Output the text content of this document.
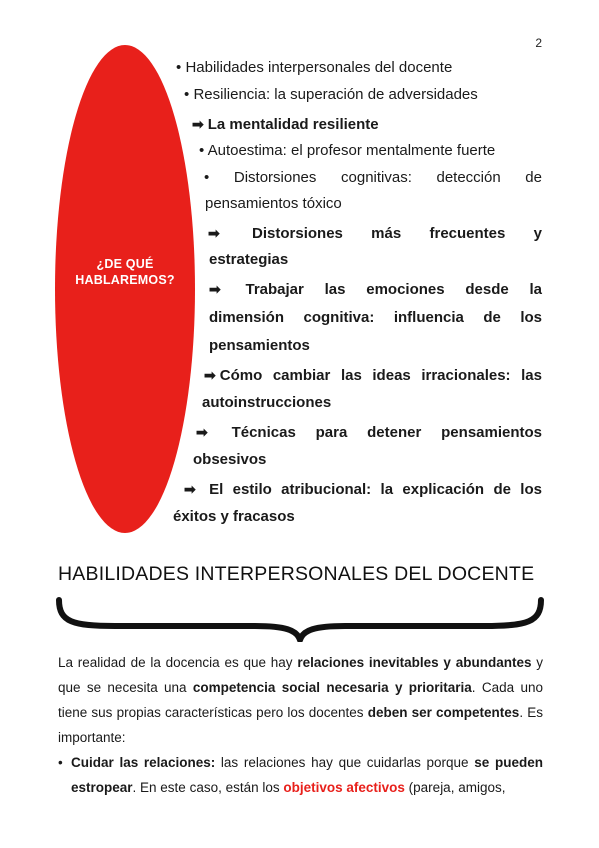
2
¿DE QUÉ
HABLAREMOS?
• Habilidades interpersonales del docente
• Resiliencia: la superación de adversidades
➡ La mentalidad resiliente
• Autoestima: el profesor mentalmente fuerte
• Distorsiones cognitivas: detección de
pensamientos tóxico
➡ Distorsiones más frecuentes y
estrategias
➡ Trabajar las emociones desde la
dimensión cognitiva: influencia de los
pensamientos
➡ Cómo cambiar las ideas irracionales: las
autoinstrucciones
➡ Técnicas para detener pensamientos
obsesivos
➡ El estilo atribucional: la explicación de los
éxitos y fracasos
HABILIDADES INTERPERSONALES DEL DOCENTE

La realidad de la docencia es que hay relaciones inevitables y abundantes y que se necesita una competencia social necesaria y prioritaria. Cada uno tiene sus propias características pero los docentes deben ser competentes. Es importante:

• Cuidar las relaciones: las relaciones hay que cuidarlas porque se pueden estropear. En este caso, están los objetivos afectivos (pareja, amigos,
